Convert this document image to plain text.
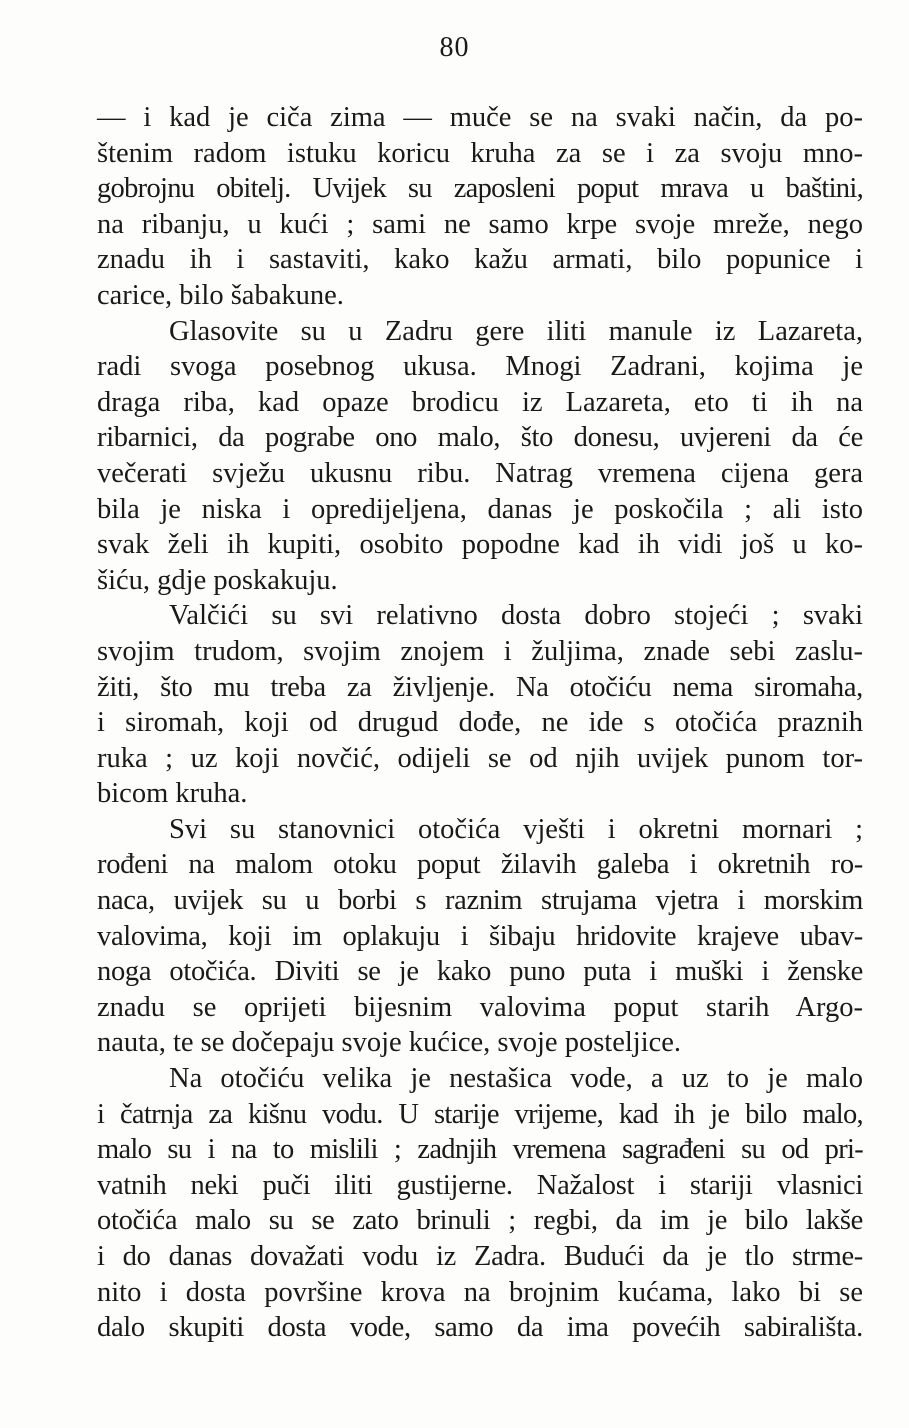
80
— i kad je ciča zima — muče se na svaki način, da po-
štenim radom istuku koricu kruha za se i za svoju mno-
gobrojnu obitelj. Uvijek su zaposleni poput mrava u baštini,
na ribanju, u kući ; sami ne samo krpe svoje mreže, nego
znadu ih i sastaviti, kako kažu armati, bilo popunice i
carice, bilo šabakune.
Glasovite su u Zadru gere iliti manule iz Lazareta,
radi svoga posebnog ukusa. Mnogi Zadrani, kojima je
draga riba, kad opaze brodicu iz Lazareta, eto ti ih na
ribarnici, da pograbe ono malo, što donesu, uvjereni da će
večerati svježu ukusnu ribu. Natrag vremena cijena gera
bila je niska i opredijeljena, danas je poskočila ; ali isto
svak želi ih kupiti, osobito popodne kad ih vidi još u ko-
šiću, gdje poskakuju.
Valčići su svi relativno dosta dobro stojeći ; svaki
svojim trudom, svojim znojem i žuljima, znade sebi zaslu-
žiti, što mu treba za življenje. Na otočiću nema siromaha,
i siromah, koji od drugud dođe, ne ide s otočića praznih
ruka ; uz koji novčić, odijeli se od njih uvijek punom tor-
bicom kruha.
Svi su stanovnici otočića vješti i okretni mornari ;
rođeni na malom otoku poput žilavih galeba i okretnih ro-
naca, uvijek su u borbi s raznim strujama vjetra i morskim
valovima, koji im oplakuju i šibaju hridovite krajeve ubav-
noga otočića. Diviti se je kako puno puta i muški i ženske
znadu se oprijeti bijesnim valovima poput starih Argo-
nauta, te se dočepaju svoje kućice, svoje posteljice.
Na otočiću velika je nestašica vode, a uz to je malo
i čatrnja za kišnu vodu. U starije vrijeme, kad ih je bilo malo,
malo su i na to mislili ; zadnjih vremena sagrađeni su od pri-
vatnih neki puči iliti gustijerne. Nažalost i stariji vlasnici
otočića malo su se zato brinuli ; regbi, da im je bilo lakše
i do danas dovažati vodu iz Zadra. Budući da je tlo strme-
nito i dosta površine krova na brojnim kućama, lako bi se
dalo skupiti dosta vode, samo da ima povećih sabirališta.
